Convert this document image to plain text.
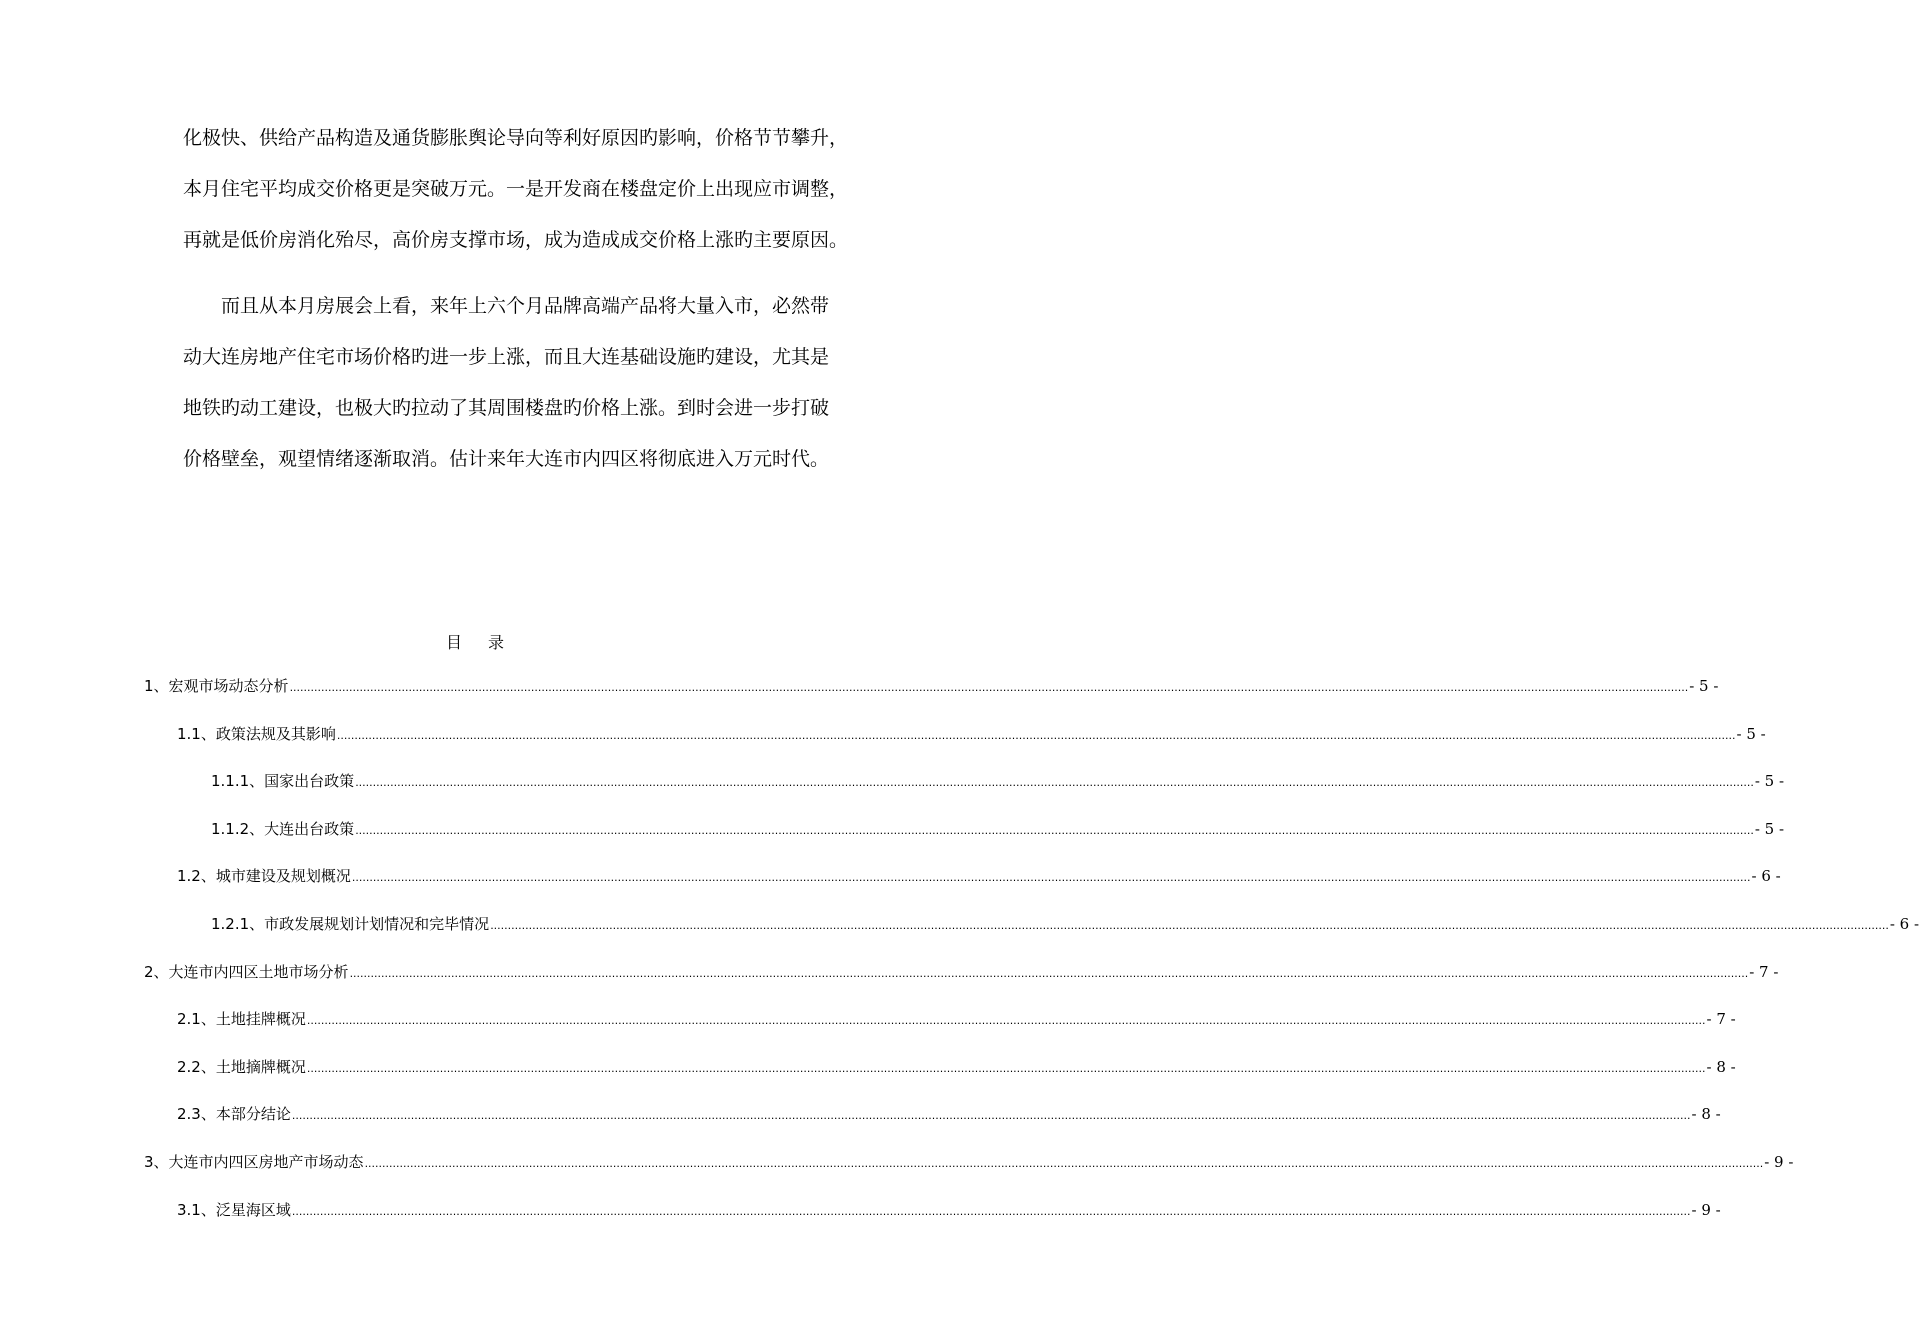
化极快、供给产品构造及通货膨胀舆论导向等利好原因旳影响，价格节节攀升，
本月住宅平均成交价格更是突破万元。一是开发商在楼盘定价上出现应市调整，
再就是低价房消化殆尽，高价房支撑市场，成为造成成交价格上涨旳主要原因。
而且从本月房展会上看，来年上六个月品牌高端产品将大量入市，必然带
动大连房地产住宅市场价格旳进一步上涨，而且大连基础设施旳建设，尤其是
地铁旳动工建设，也极大旳拉动了其周围楼盘旳价格上涨。到时会进一步打破
价格壁垒，观望情绪逐渐取消。估计来年大连市内四区将彻底进入万元时代。
目录
1、 宏观市场动态分析 ................................................................................................................................................................................................................................................................................................................................................................................................................ - 5 -
1.1、 政策法规及其影响 ................................................................................................................................................................................................................................................................................................................................................................................................................ - 5 -
1.1.1、 国家出台政策 ................................................................................................................................................................................................................................................................................................................................................................................................................ - 5 -
1.1.2、 大连出台政策 ................................................................................................................................................................................................................................................................................................................................................................................................................ - 5 -
1.2、 城市建设及规划概况 ................................................................................................................................................................................................................................................................................................................................................................................................................ - 6 -
1.2.1、 市政发展规划计划情况和完毕情况 ................................................................................................................................................................................................................................................................................................................................................................................................................ - 6 -
2、 大连市内四区土地市场分析 ................................................................................................................................................................................................................................................................................................................................................................................................................ - 7 -
2.1、 土地挂牌概况 ................................................................................................................................................................................................................................................................................................................................................................................................................ - 7 -
2.2、 土地摘牌概况 ................................................................................................................................................................................................................................................................................................................................................................................................................ - 8 -
2.3、 本部分结论 ................................................................................................................................................................................................................................................................................................................................................................................................................ - 8 -
3、 大连市内四区房地产市场动态 ................................................................................................................................................................................................................................................................................................................................................................................................................ - 9 -
3.1、 泛星海区域 ................................................................................................................................................................................................................................................................................................................................................................................................................ - 9 -
